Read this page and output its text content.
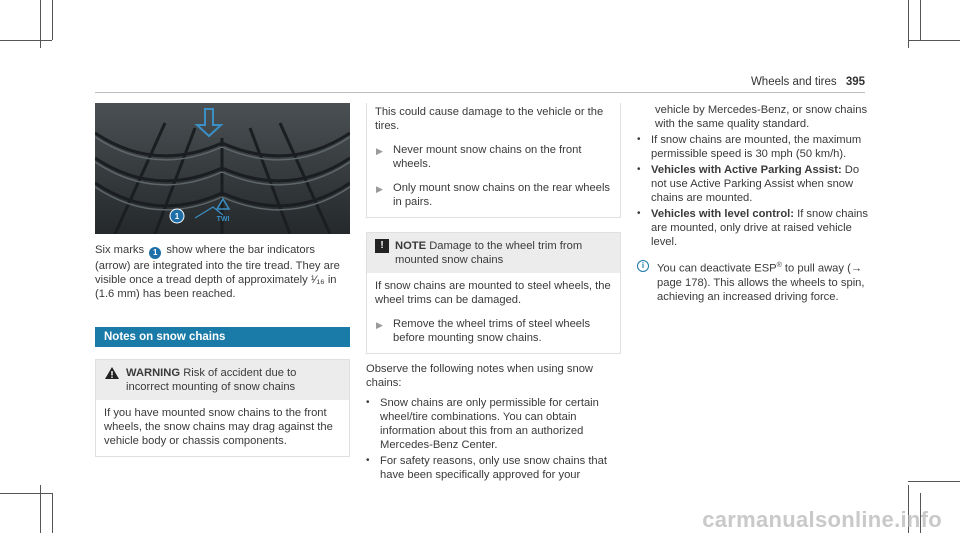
Wheels and tires 395
TWI
1

Six marks 1 show where the bar indicators (arrow) are integrated into the tire tread. They are visible once a tread depth of approximately ¹⁄₁₆ in (1.6 mm) has been reached.

Notes on snow chains
WARNING Risk of accident due to incorrect mounting of snow chains
If you have mounted snow chains to the front wheels, the snow chains may drag against the vehicle body or chassis components.

This could cause damage to the vehicle or the tires.

▶ Never mount snow chains on the front wheels.
▶ Only mount snow chains on the rear wheels in pairs.
!	NOTE Damage to the wheel trim from mounted snow chains

If snow chains are mounted to steel wheels, the wheel trims can be damaged.

▶ Remove the wheel trims of steel wheels before mounting snow chains.

Observe the following notes when using snow chains:

• Snow chains are only permissible for certain wheel/tire combinations. You can obtain information about this from an authorized Mercedes-Benz Center.
• For safety reasons, only use snow chains that have been specifically approved for your

vehicle by Mercedes-Benz, or snow chains with the same quality standard.

• If snow chains are mounted, the maximum permissible speed is 30 mph (50 km/h).
• Vehicles with Active Parking Assist: Do not use Active Parking Assist when snow chains are mounted.
• Vehicles with level control: If snow chains are mounted, only drive at raised vehicle level.
i	You can deactivate ESP® to pull away (→ page 178). This allows the wheels to spin, achieving an increased driving force.
carmanualsonline.info
